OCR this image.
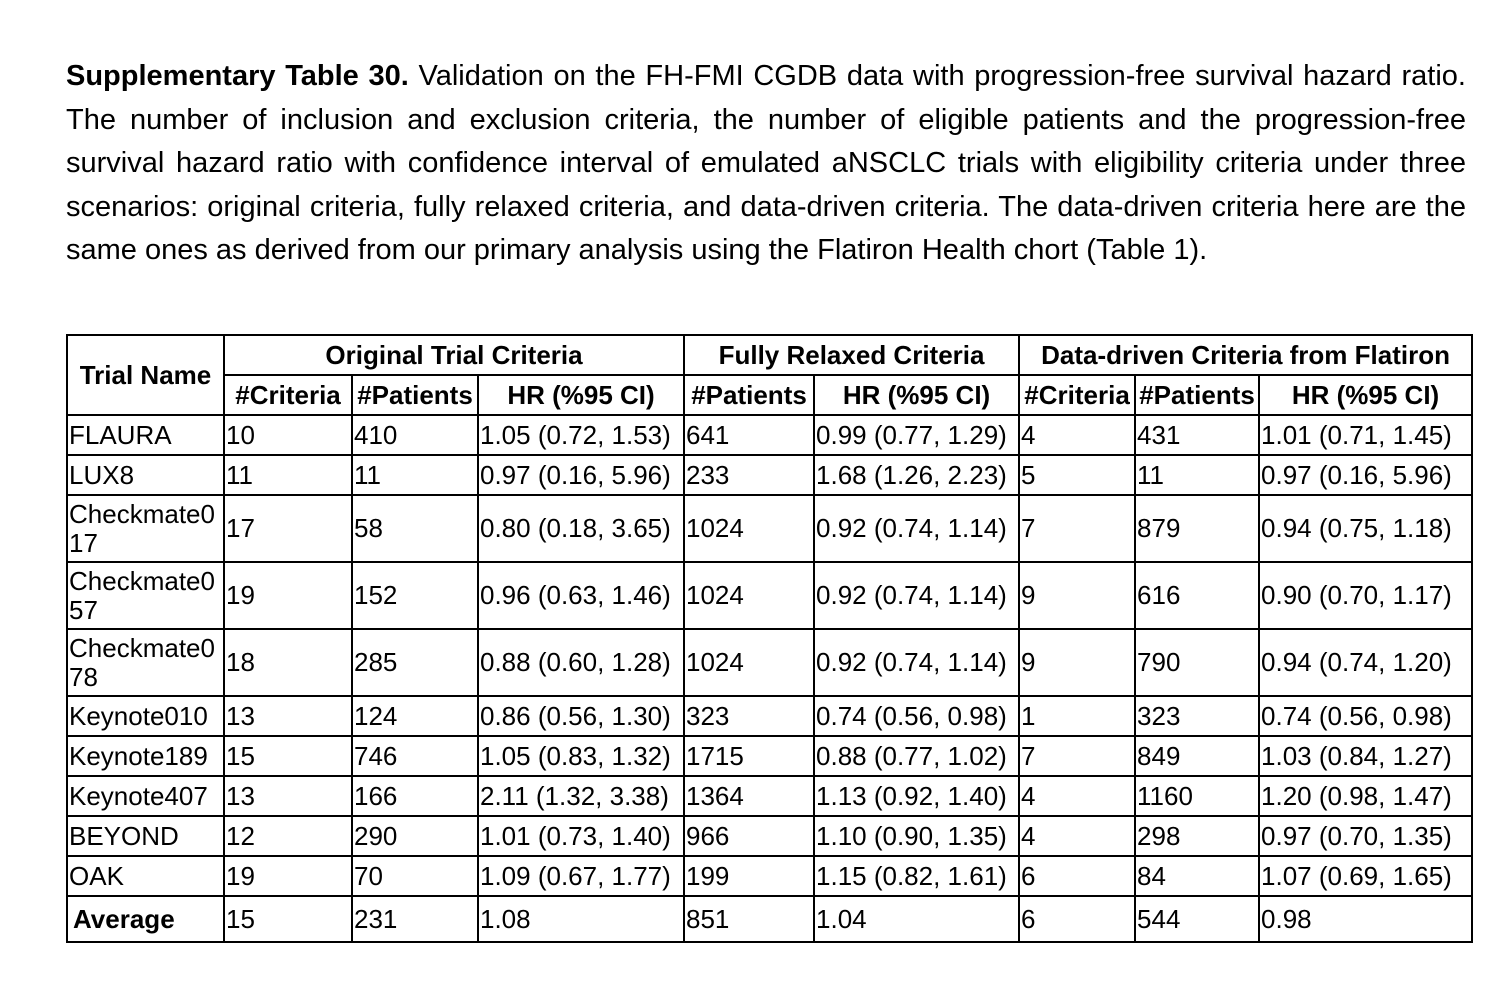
Supplementary Table 30. Validation on the FH-FMI CGDB data with progression-free survival hazard ratio. The number of inclusion and exclusion criteria, the number of eligible patients and the progression-free survival hazard ratio with confidence interval of emulated aNSCLC trials with eligibility criteria under three scenarios: original criteria, fully relaxed criteria, and data-driven criteria. The data-driven criteria here are the same ones as derived from our primary analysis using the Flatiron Health chort (Table 1).

Trial Name	Original Trial Criteria			Fully Relaxed Criteria		Data-driven Criteria from Flatiron		
	#Criteria	#Patients	HR (%95 CI)	#Patients	HR (%95 CI)	#Criteria	#Patients	HR (%95 CI)
FLAURA	10	410	1.05 (0.72, 1.53)	641	0.99 (0.77, 1.29)	4	431	1.01 (0.71, 1.45)
LUX8	11	11	0.97 (0.16, 5.96)	233	1.68 (1.26, 2.23)	5	11	0.97 (0.16, 5.96)
Checkmate017	17	58	0.80 (0.18, 3.65)	1024	0.92 (0.74, 1.14)	7	879	0.94 (0.75, 1.18)
Checkmate057	19	152	0.96 (0.63, 1.46)	1024	0.92 (0.74, 1.14)	9	616	0.90 (0.70, 1.17)
Checkmate078	18	285	0.88 (0.60, 1.28)	1024	0.92 (0.74, 1.14)	9	790	0.94 (0.74, 1.20)
Keynote010	13	124	0.86 (0.56, 1.30)	323	0.74 (0.56, 0.98)	1	323	0.74 (0.56, 0.98)
Keynote189	15	746	1.05 (0.83, 1.32)	1715	0.88 (0.77, 1.02)	7	849	1.03 (0.84, 1.27)
Keynote407	13	166	2.11 (1.32, 3.38)	1364	1.13 (0.92, 1.40)	4	1160	1.20 (0.98, 1.47)
BEYOND	12	290	1.01 (0.73, 1.40)	966	1.10 (0.90, 1.35)	4	298	0.97 (0.70, 1.35)
OAK	19	70	1.09 (0.67, 1.77)	199	1.15 (0.82, 1.61)	6	84	1.07 (0.69, 1.65)
Average	15	231	1.08	851	1.04	6	544	0.98
